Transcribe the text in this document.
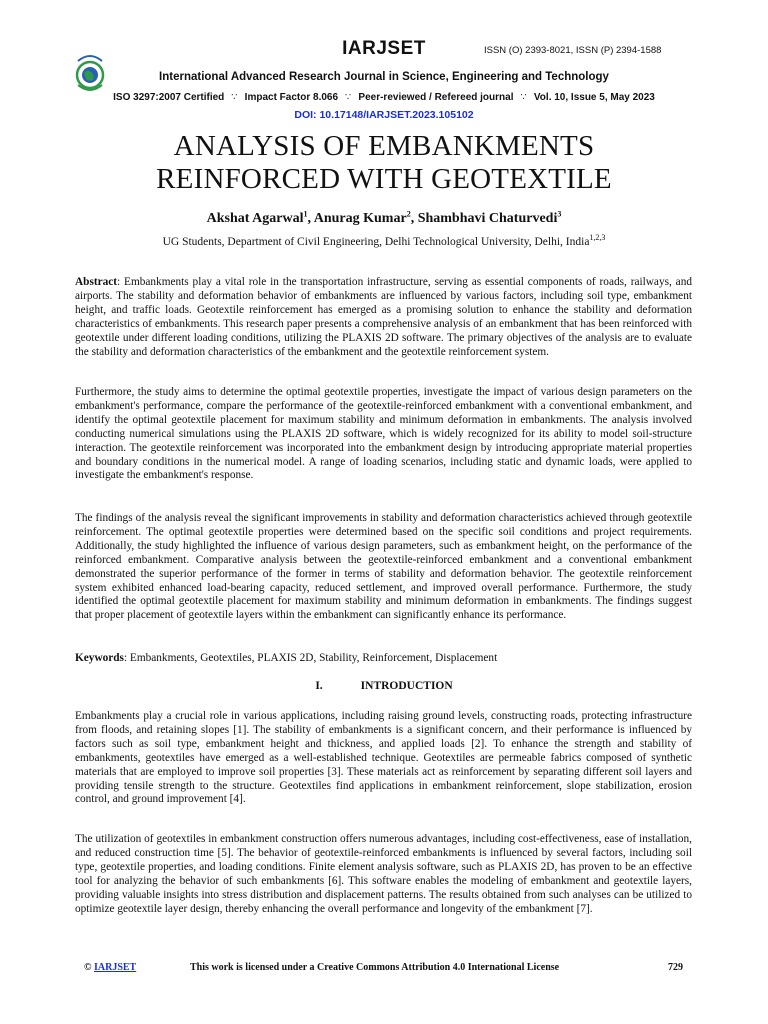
IARJSET	ISSN (O) 2393-8021, ISSN (P) 2394-1588
International Advanced Research Journal in Science, Engineering and Technology
ISO 3297:2007 Certified ∵ Impact Factor 8.066 ∵ Peer-reviewed / Refereed journal ∵ Vol. 10, Issue 5, May 2023
DOI: 10.17148/IARJSET.2023.105102
ANALYSIS OF EMBANKMENTS
REINFORCED WITH GEOTEXTILE
Akshat Agarwal$^1$, Anurag Kumar$^2$, Shambhavi Chaturvedi$^3$
UG Students, Department of Civil Engineering, Delhi Technological University, Delhi, India$^{1,2,3}$
Abstract: Embankments play a vital role in the transportation infrastructure, serving as essential components of roads, railways, and airports. The stability and deformation behavior of embankments are influenced by various factors, including soil type, embankment height, and traffic loads. Geotextile reinforcement has emerged as a promising solution to enhance the stability and deformation characteristics of embankments. This research paper presents a comprehensive analysis of an embankment that has been reinforced with geotextile under different loading conditions, utilizing the PLAXIS 2D software. The primary objectives of the analysis are to evaluate the stability and deformation characteristics of the embankment and the geotextile reinforcement system.
Furthermore, the study aims to determine the optimal geotextile properties, investigate the impact of various design parameters on the embankment's performance, compare the performance of the geotextile-reinforced embankment with a conventional embankment, and identify the optimal geotextile placement for maximum stability and minimum deformation in embankments. The analysis involved conducting numerical simulations using the PLAXIS 2D software, which is widely recognized for its ability to model soil-structure interaction. The geotextile reinforcement was incorporated into the embankment design by introducing appropriate material properties and boundary conditions in the numerical model. A range of loading scenarios, including static and dynamic loads, were applied to investigate the embankment's response.
The findings of the analysis reveal the significant improvements in stability and deformation characteristics achieved through geotextile reinforcement. The optimal geotextile properties were determined based on the specific soil conditions and project requirements. Additionally, the study highlighted the influence of various design parameters, such as embankment height, on the performance of the reinforced embankment. Comparative analysis between the geotextile-reinforced embankment and a conventional embankment demonstrated the superior performance of the former in terms of stability and deformation behavior. The geotextile reinforcement system exhibited enhanced load-bearing capacity, reduced settlement, and improved overall performance. Furthermore, the study identified the optimal geotextile placement for maximum stability and minimum deformation in embankments. The findings suggest that proper placement of geotextile layers within the embankment can significantly enhance its performance.
Keywords: Embankments, Geotextiles, PLAXIS 2D, Stability, Reinforcement, Displacement
I.	INTRODUCTION
Embankments play a crucial role in various applications, including raising ground levels, constructing roads, protecting infrastructure from floods, and retaining slopes [1]. The stability of embankments is a significant concern, and their performance is influenced by factors such as soil type, embankment height and thickness, and applied loads [2]. To enhance the strength and stability of embankments, geotextiles have emerged as a well-established technique. Geotextiles are permeable fabrics composed of synthetic materials that are employed to improve soil properties [3]. These materials act as reinforcement by separating different soil layers and providing tensile strength to the structure. Geotextiles find applications in embankment reinforcement, slope stabilization, erosion control, and ground improvement [4].
The utilization of geotextiles in embankment construction offers numerous advantages, including cost-effectiveness, ease of installation, and reduced construction time [5]. The behavior of geotextile-reinforced embankments is influenced by several factors, including soil type, geotextile properties, and loading conditions. Finite element analysis software, such as PLAXIS 2D, has proven to be an effective tool for analyzing the behavior of such embankments [6]. This software enables the modeling of embankment and geotextile layers, providing valuable insights into stress distribution and displacement patterns. The results obtained from such analyses can be utilized to optimize geotextile layer design, thereby enhancing the overall performance and longevity of the embankment [7].
© IARJSET	This work is licensed under a Creative Commons Attribution 4.0 International License	729
